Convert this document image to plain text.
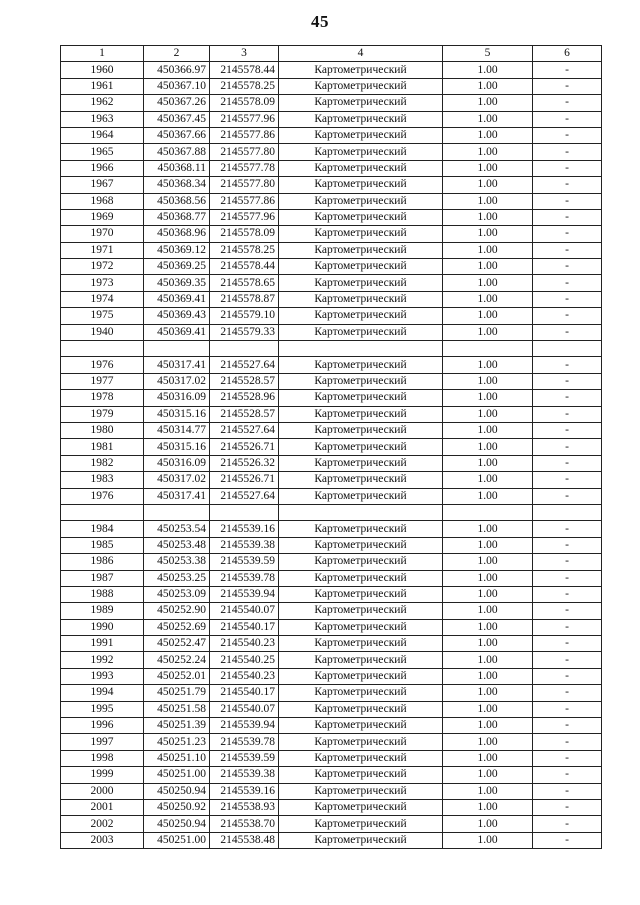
45
1	2	3	4	5	6
1960	450366.97	2145578.44	Картометрический	1.00	-
1961	450367.10	2145578.25	Картометрический	1.00	-
1962	450367.26	2145578.09	Картометрический	1.00	-
1963	450367.45	2145577.96	Картометрический	1.00	-
1964	450367.66	2145577.86	Картометрический	1.00	-
1965	450367.88	2145577.80	Картометрический	1.00	-
1966	450368.11	2145577.78	Картометрический	1.00	-
1967	450368.34	2145577.80	Картометрический	1.00	-
1968	450368.56	2145577.86	Картометрический	1.00	-
1969	450368.77	2145577.96	Картометрический	1.00	-
1970	450368.96	2145578.09	Картометрический	1.00	-
1971	450369.12	2145578.25	Картометрический	1.00	-
1972	450369.25	2145578.44	Картометрический	1.00	-
1973	450369.35	2145578.65	Картометрический	1.00	-
1974	450369.41	2145578.87	Картометрический	1.00	-
1975	450369.43	2145579.10	Картометрический	1.00	-
1940	450369.41	2145579.33	Картометрический	1.00	-

1976	450317.41	2145527.64	Картометрический	1.00	-
1977	450317.02	2145528.57	Картометрический	1.00	-
1978	450316.09	2145528.96	Картометрический	1.00	-
1979	450315.16	2145528.57	Картометрический	1.00	-
1980	450314.77	2145527.64	Картометрический	1.00	-
1981	450315.16	2145526.71	Картометрический	1.00	-
1982	450316.09	2145526.32	Картометрический	1.00	-
1983	450317.02	2145526.71	Картометрический	1.00	-
1976	450317.41	2145527.64	Картометрический	1.00	-

1984	450253.54	2145539.16	Картометрический	1.00	-
1985	450253.48	2145539.38	Картометрический	1.00	-
1986	450253.38	2145539.59	Картометрический	1.00	-
1987	450253.25	2145539.78	Картометрический	1.00	-
1988	450253.09	2145539.94	Картометрический	1.00	-
1989	450252.90	2145540.07	Картометрический	1.00	-
1990	450252.69	2145540.17	Картометрический	1.00	-
1991	450252.47	2145540.23	Картометрический	1.00	-
1992	450252.24	2145540.25	Картометрический	1.00	-
1993	450252.01	2145540.23	Картометрический	1.00	-
1994	450251.79	2145540.17	Картометрический	1.00	-
1995	450251.58	2145540.07	Картометрический	1.00	-
1996	450251.39	2145539.94	Картометрический	1.00	-
1997	450251.23	2145539.78	Картометрический	1.00	-
1998	450251.10	2145539.59	Картометрический	1.00	-
1999	450251.00	2145539.38	Картометрический	1.00	-
2000	450250.94	2145539.16	Картометрический	1.00	-
2001	450250.92	2145538.93	Картометрический	1.00	-
2002	450250.94	2145538.70	Картометрический	1.00	-
2003	450251.00	2145538.48	Картометрический	1.00	-
